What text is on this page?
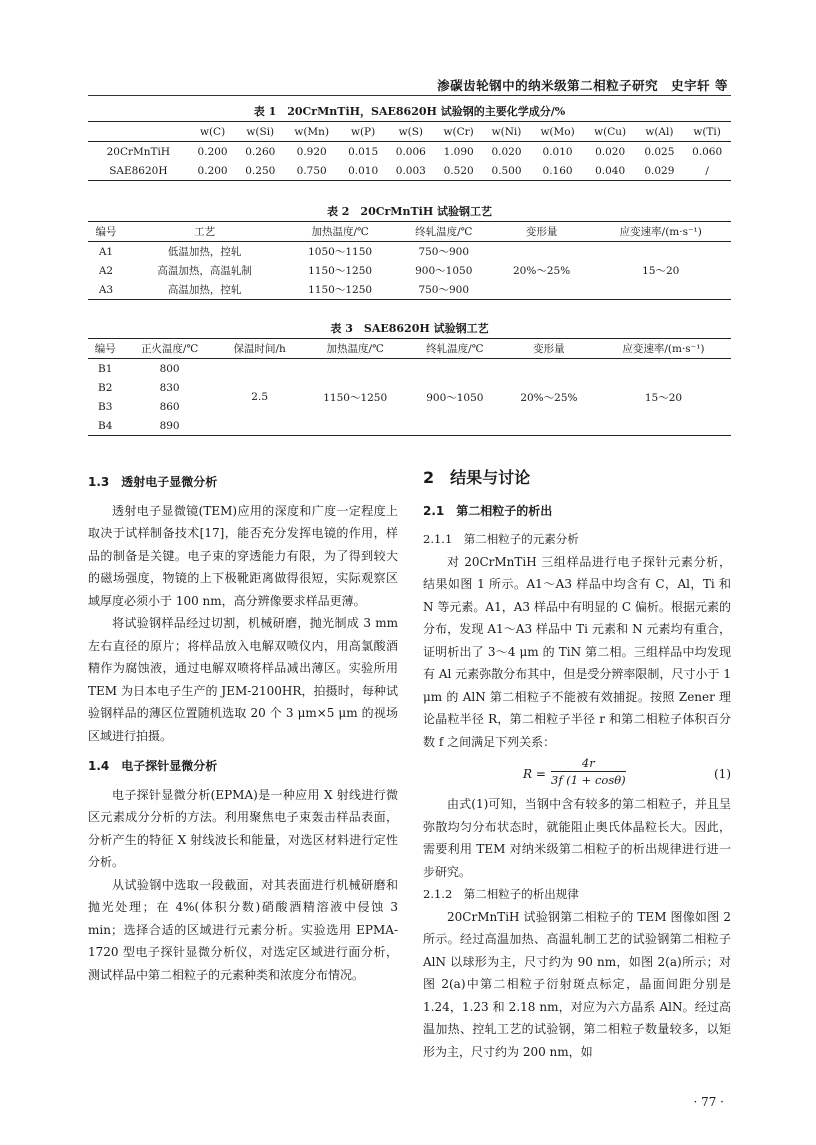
渗碳齿轮钢中的纳米级第二相粒子研究　史宇轩 等
表 1　20CrMnTiH，SAE8620H 试验钢的主要化学成分/%
	w(C)	w(Si)	w(Mn)	w(P)	w(S)	w(Cr)	w(Ni)	w(Mo)	w(Cu)	w(Al)	w(Ti)
20CrMnTiH	0.200	0.260	0.920	0.015	0.006	1.090	0.020	0.010	0.020	0.025	0.060
SAE8620H	0.200	0.250	0.750	0.010	0.003	0.520	0.500	0.160	0.040	0.029	/
表 2　20CrMnTiH 试验钢工艺
编号	工艺	加热温度/℃	终轧温度/℃	变形量	应变速率/(m·s⁻¹)
A1	低温加热，控轧	1050～1150	750～900	20%～25%	15～20
A2	高温加热，高温轧制	1150～1250	900～1050		
A3	高温加热，控轧	1150～1250	750～900		
表 3　SAE8620H 试验钢工艺
编号	正火温度/℃	保温时间/h	加热温度/℃	终轧温度/℃	变形量	应变速率/(m·s⁻¹)
B1	800	2.5	1150～1250	900～1050	20%～25%	15～20
B2	830					
B3	860					
B4	890					
1.3　透射电子显微分析

透射电子显微镜(TEM)应用的深度和广度一定程度上取决于试样制备技术[17]，能否充分发挥电镜的作用，样品的制备是关键。电子束的穿透能力有限，为了得到较大的磁场强度，物镜的上下极靴距离做得很短，实际观察区域厚度必须小于 100 nm，高分辨像要求样品更薄。

将试验钢样品经过切割，机械研磨，抛光制成 3 mm 左右直径的原片；将样品放入电解双喷仪内，用高氯酸酒精作为腐蚀液，通过电解双喷将样品减出薄区。实验所用 TEM 为日本电子生产的 JEM-2100HR，拍摄时，每种试验钢样品的薄区位置随机选取 20 个 3 μm×5 μm 的视场区域进行拍摄。

1.4　电子探针显微分析

电子探针显微分析(EPMA)是一种应用 X 射线进行微区元素成分分析的方法。利用聚焦电子束轰击样品表面，分析产生的特征 X 射线波长和能量，对选区材料进行定性分析。

从试验钢中选取一段截面，对其表面进行机械研磨和抛光处理；在 4%(体积分数)硝酸酒精溶液中侵蚀 3 min；选择合适的区域进行元素分析。实验选用 EPMA-1720 型电子探针显微分析仪，对选定区域进行面分析，测试样品中第二相粒子的元素种类和浓度分布情况。

2　结果与讨论
2.1　第二相粒子的析出
2.1.1　第二相粒子的元素分析

对 20CrMnTiH 三组样品进行电子探针元素分析，结果如图 1 所示。A1～A3 样品中均含有 C，Al，Ti 和 N 等元素。A1，A3 样品中有明显的 C 偏析。根据元素的分布，发现 A1～A3 样品中 Ti 元素和 N 元素均有重合，证明析出了 3～4 μm 的 TiN 第二相。三组样品中均发现有 Al 元素弥散分布其中，但是受分辨率限制，尺寸小于 1 μm 的 AlN 第二相粒子不能被有效捕捉。按照 Zener 理论晶粒半径 R，第二相粒子半径 r 和第二相粒子体积百分数 f 之间满足下列关系：

$R = \frac{4r}{3f (1 + \cos\theta)}$	(1)

由式(1)可知，当钢中含有较多的第二相粒子，并且呈弥散均匀分布状态时，就能阻止奥氏体晶粒长大。因此，需要利用 TEM 对纳米级第二相粒子的析出规律进行进一步研究。

2.1.2　第二相粒子的析出规律

20CrMnTiH 试验钢第二相粒子的 TEM 图像如图 2 所示。经过高温加热、高温轧制工艺的试验钢第二相粒子 AlN 以球形为主，尺寸约为 90 nm，如图 2(a)所示；对图 2(a)中第二相粒子衍射斑点标定，晶面间距分别是 1.24，1.23 和 2.18 nm，对应为六方晶系 AlN。经过高温加热、控轧工艺的试验钢，第二相粒子数量较多，以矩形为主，尺寸约为 200 nm，如

· 77 ·
